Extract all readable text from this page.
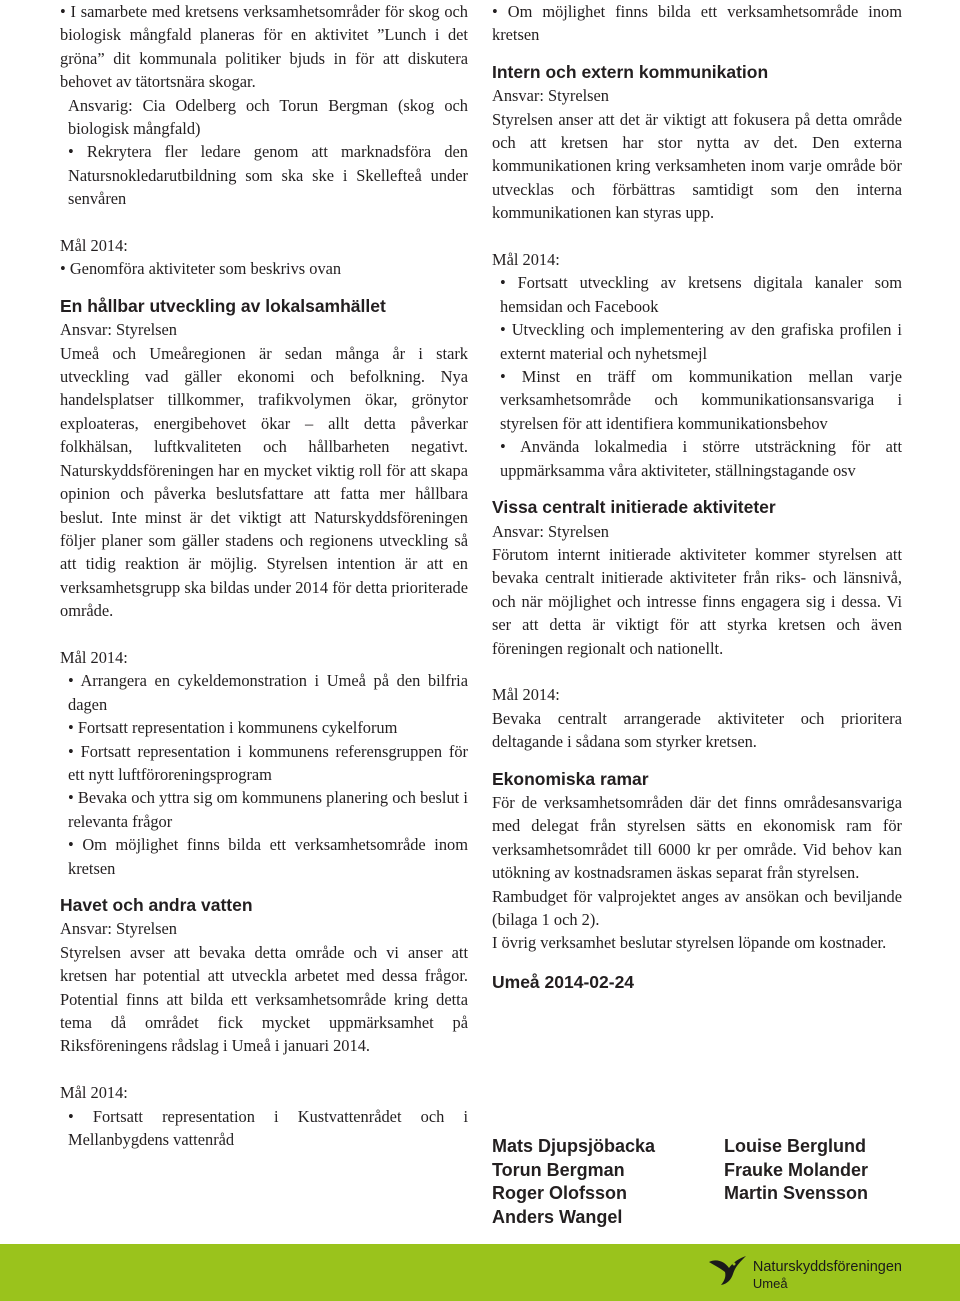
• I samarbete med kretsens verksamhetsområder för skog och biologisk mångfald planeras för en aktivitet ”Lunch i det gröna” dit kommunala politiker bjuds in för att diskutera behovet av tätortsnära skogar.

Ansvarig: Cia Odelberg och Torun Bergman (skog och biologisk mångfald)

• Rekrytera fler ledare genom att marknadsföra den Natursnokledarutbildning som ska ske i Skellefteå under senvåren

Mål 2014:

• Genomföra aktiviteter som beskrivs ovan

En hållbar utveckling av lokalsamhället

Ansvar: Styrelsen

Umeå och Umeåregionen är sedan många år i stark utveckling vad gäller ekonomi och befolkning. Nya handelsplatser tillkommer, trafikvolymen ökar, grönytor exploateras, energibehovet ökar – allt detta påverkar folkhälsan, luftkvaliteten och hållbarheten negativt. Naturskyddsföreningen har en mycket viktig roll för att skapa opinion och påverka beslutsfattare att fatta mer hållbara beslut. Inte minst är det viktigt att Naturskyddsföreningen följer planer som gäller stadens och regionens utveckling så att tidig reaktion är möjlig. Styrelsen intention är att en verksamhetsgrupp ska bildas under 2014 för detta prioriterade område.

Mål 2014:

• Arrangera en cykeldemonstration i Umeå på den bilfria dagen

• Fortsatt representation i kommunens cykelforum

• Fortsatt representation i kommunens referensgruppen för ett nytt luftföroreningsprogram

• Bevaka och yttra sig om kommunens planering och beslut i relevanta frågor

• Om möjlighet finns bilda ett verksamhetsområde inom kretsen

Havet och andra vatten

Ansvar: Styrelsen

Styrelsen avser att bevaka detta område och vi anser att kretsen har potential att utveckla arbetet med dessa frågor. Potential finns att bilda ett verksamhetsområde kring detta tema då området fick mycket uppmärksamhet på Riksföreningens rådslag i Umeå i januari 2014.

Mål 2014:

• Fortsatt representation i Kustvattenrådet och i Mellanbygdens vattenråd

• Om möjlighet finns bilda ett verksamhetsområde inom kretsen

Intern och extern kommunikation

Ansvar: Styrelsen

Styrelsen anser att det är viktigt att fokusera på detta område och att kretsen har stor nytta av det. Den externa kommunikationen kring verksamheten inom varje område bör utvecklas och förbättras samtidigt som den interna kommunikationen kan styras upp.

Mål 2014:

• Fortsatt utveckling av kretsens digitala kanaler som hemsidan och Facebook

• Utveckling och implementering av den grafiska profilen i externt material och nyhetsmejl

• Minst en träff om kommunikation mellan varje verksamhetsområde och kommunikationsansvariga i styrelsen för att identifiera kommunikationsbehov

• Använda lokalmedia i större utsträckning för att uppmärksamma våra aktiviteter, ställningstagande osv

Vissa centralt initierade aktiviteter

Ansvar: Styrelsen

Förutom internt initierade aktiviteter kommer styrelsen att bevaka centralt initierade aktiviteter från riks- och länsnivå, och när möjlighet och intresse finns engagera sig i dessa. Vi ser att detta är viktigt för att styrka kretsen och även föreningen regionalt och nationellt.

Mål 2014:

Bevaka centralt arrangerade aktiviteter och prioritera deltagande i sådana som styrker kretsen.

Ekonomiska ramar

För de verksamhetsområden där det finns områdesansvariga med delegat från styrelsen sätts en ekonomisk ram för verksamhetsområdet till 6000 kr per område. Vid behov kan utökning av kostnadsramen äskas separat från styrelsen.

Rambudget för valprojektet anges av ansökan och beviljande (bilaga 1 och 2).

I övrig verksamhet beslutar styrelsen löpande om kostnader.

Umeå 2014-02-24

Mats Djupsjöbacka
Torun Bergman
Roger Olofsson
Anders Wangel
Louise Berglund
Frauke Molander
Martin Svensson
Naturskyddsföreningen
Umeå
